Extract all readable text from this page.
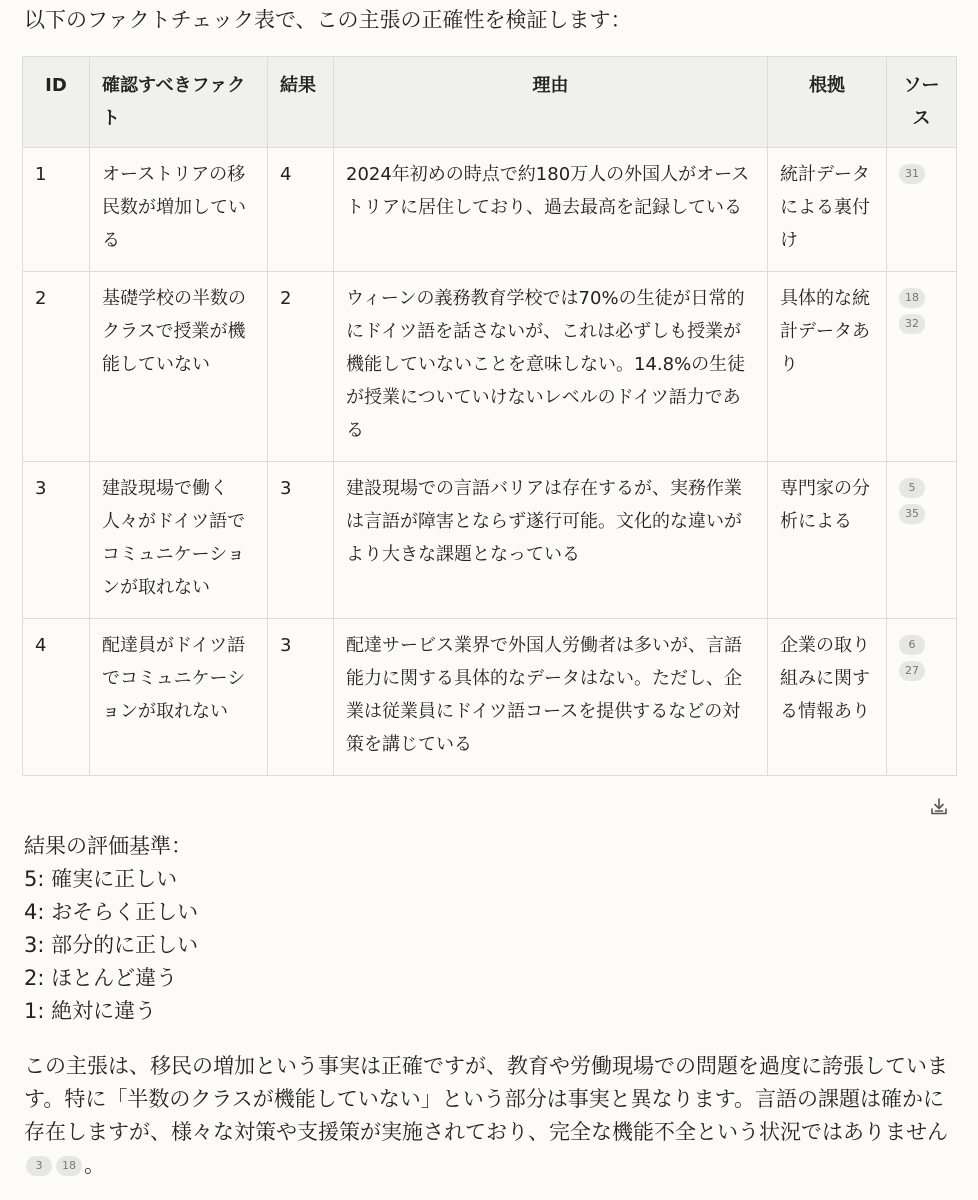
以下のファクトチェック表で、この主張の正確性を検証します：
ID	確認すべきファクト	結果	理由	根拠	ソース
1	オーストリアの移民数が増加している	4	2024年初めの時点で約180万人の外国人がオーストリアに居住しており、過去最高を記録している	統計データによる裏付け	31

2	基礎学校の半数のクラスで授業が機能していない	2	ウィーンの義務教育学校では70%の生徒が日常的にドイツ語を話さないが、これは必ずしも授業が機能していないことを意味しない。14.8%の生徒が授業についていけないレベルのドイツ語力である	具体的な統計データあり	18
32

3	建設現場で働く人々がドイツ語でコミュニケーションが取れない	3	建設現場での言語バリアは存在するが、実務作業は言語が障害とならず遂行可能。文化的な違いがより大きな課題となっている	専門家の分析による	5
35

4	配達員がドイツ語でコミュニケーションが取れない	3	配達サービス業界で外国人労働者は多いが、言語能力に関する具体的なデータはない。ただし、企業は従業員にドイツ語コースを提供するなどの対策を講じている	企業の取り組みに関する情報あり	6
27
結果の評価基準：
5: 確実に正しい
4: おそらく正しい
3: 部分的に正しい
2: ほとんど違う
1: 絶対に違う
この主張は、移民の増加という事実は正確ですが、教育や労働現場での問題を過度に誇張しています。特に「半数のクラスが機能していない」という部分は事実と異なります。言語の課題は確かに存在しますが、様々な対策や支援策が実施されており、完全な機能不全という状況ではありません 3 18 。
